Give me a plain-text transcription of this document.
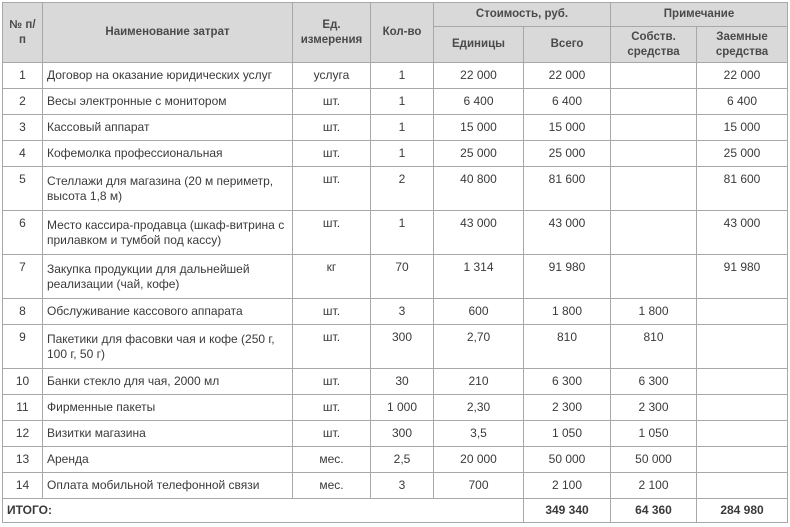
№ п/п	Наименование затрат	Ед. измерения	Кол-во	Стоимость, руб.		Примечание	
				Единицы	Всего	Собств. средства	Заемные средства
1	Договор на оказание юридических услуг	услуга	1	22 000	22 000		22 000
2	Весы электронные с монитором	шт.	1	6 400	6 400		6 400
3	Кассовый аппарат	шт.	1	15 000	15 000		15 000
4	Кофемолка профессиональная	шт.	1	25 000	25 000		25 000
5	Стеллажи для магазина (20 м периметр, высота 1,8 м)	шт.	2	40 800	81 600		81 600
6	Место кассира-продавца (шкаф-витрина с прилавком и тумбой под кассу)	шт.	1	43 000	43 000		43 000
7	Закупка продукции для дальнейшей реализации (чай, кофе)	кг	70	1 314	91 980		91 980
8	Обслуживание кассового аппарата	шт.	3	600	1 800	1 800	
9	Пакетики для фасовки чая и кофе (250 г, 100 г, 50 г)	шт.	300	2,70	810	810	
10	Банки стекло для чая, 2000 мл	шт.	30	210	6 300	6 300	
11	Фирменные пакеты	шт.	1 000	2,30	2 300	2 300	
12	Визитки магазина	шт.	300	3,5	1 050	1 050	
13	Аренда	мес.	2,5	20 000	50 000	50 000	
14	Оплата мобильной телефонной связи	мес.	3	700	2 100	2 100	
ИТОГО:					349 340	64 360	284 980
